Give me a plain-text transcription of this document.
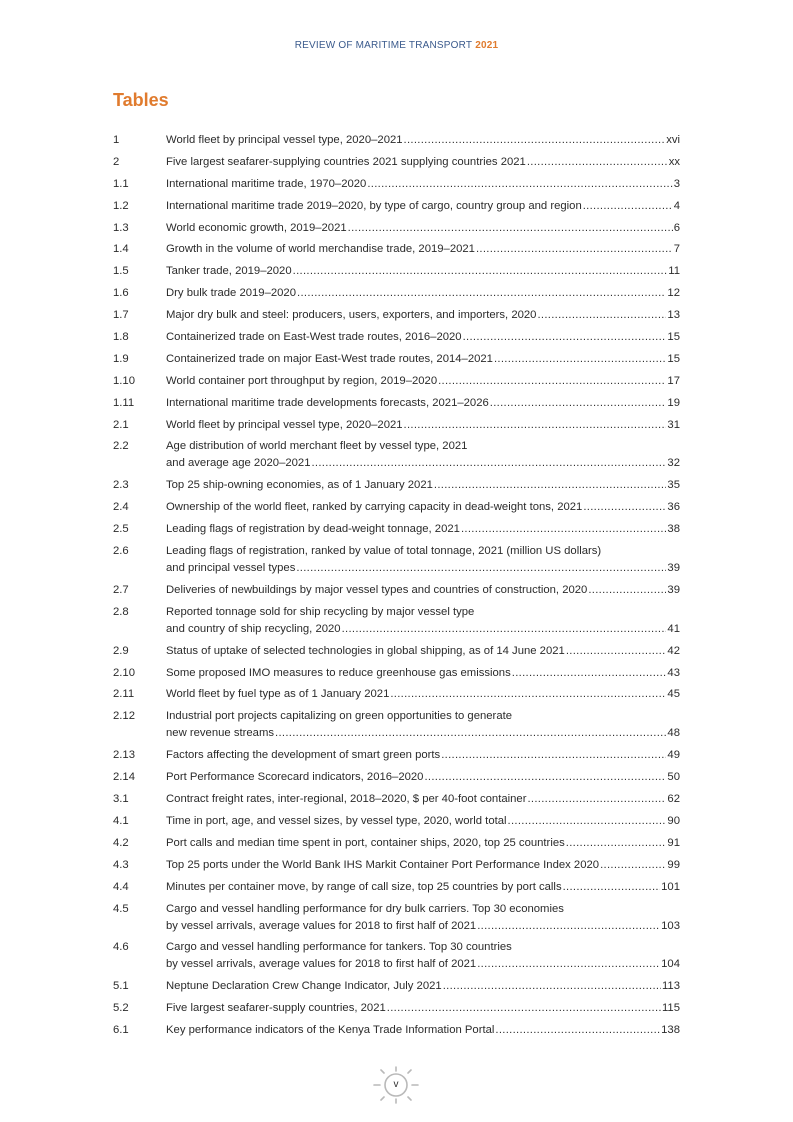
REVIEW OF MARITIME TRANSPORT 2021
Tables
1	World fleet by principal vessel type, 2020–2021 .....	xvi
2	Five largest seafarer-supplying countries 2021 supplying countries 2021 .....	xx
1.1	International maritime trade, 1970–2020 .....	3
1.2	International maritime trade 2019–2020, by type of cargo, country group and region .....	4
1.3	World economic growth, 2019–2021 .....	6
1.4	Growth in the volume of world merchandise trade, 2019–2021 .....	7
1.5	Tanker trade, 2019–2020 .....	11
1.6	Dry bulk trade 2019–2020 .....	12
1.7	Major dry bulk and steel: producers, users, exporters, and importers, 2020 .....	13
1.8	Containerized trade on East-West trade routes, 2016–2020 .....	15
1.9	Containerized trade on major East-West trade routes, 2014–2021 .....	15
1.10	World container port throughput by region, 2019–2020 .....	17
1.11	International maritime trade developments forecasts, 2021–2026 .....	19
2.1	World fleet by principal vessel type, 2020–2021 .....	31
2.2	Age distribution of world merchant fleet by vessel type, 2021
and average age 2020–2021 .....	32
2.3	Top 25 ship-owning economies, as of 1 January 2021 .....	35
2.4	Ownership of the world fleet, ranked by carrying capacity in dead-weight tons, 2021 .....	36
2.5	Leading flags of registration by dead-weight tonnage, 2021 .....	38
2.6	Leading flags of registration, ranked by value of total tonnage, 2021 (million US dollars)
and principal vessel types .....	39
2.7	Deliveries of newbuildings by major vessel types and countries of construction, 2020 .....	39
2.8	Reported tonnage sold for ship recycling by major vessel type
and country of ship recycling, 2020 .....	41
2.9	Status of uptake of selected technologies in global shipping, as of 14 June 2021 .....	42
2.10	Some proposed IMO measures to reduce greenhouse gas emissions .....	43
2.11	World fleet by fuel type as of 1 January 2021 .....	45
2.12	Industrial port projects capitalizing on green opportunities to generate
new revenue streams .....	48
2.13	Factors affecting the development of smart green ports .....	49
2.14	Port Performance Scorecard indicators, 2016–2020 .....	50
3.1	Contract freight rates, inter-regional, 2018–2020, $ per 40-foot container .....	62
4.1	Time in port, age, and vessel sizes, by vessel type, 2020, world total .....	90
4.2	Port calls and median time spent in port, container ships, 2020, top 25 countries .....	91
4.3	Top 25 ports under the World Bank IHS Markit Container Port Performance Index 2020 .....	99
4.4	Minutes per container move, by range of call size, top 25 countries by port calls .....	101
4.5	Cargo and vessel handling performance for dry bulk carriers. Top 30 economies
by vessel arrivals, average values for 2018 to first half of 2021 .....	103
4.6	Cargo and vessel handling performance for tankers. Top 30 countries
by vessel arrivals, average values for 2018 to first half of 2021 .....	104
5.1	Neptune Declaration Crew Change Indicator, July 2021 .....	113
5.2	Five largest seafarer-supply countries, 2021 .....	115
6.1	Key performance indicators of the Kenya Trade Information Portal .....	138
v
